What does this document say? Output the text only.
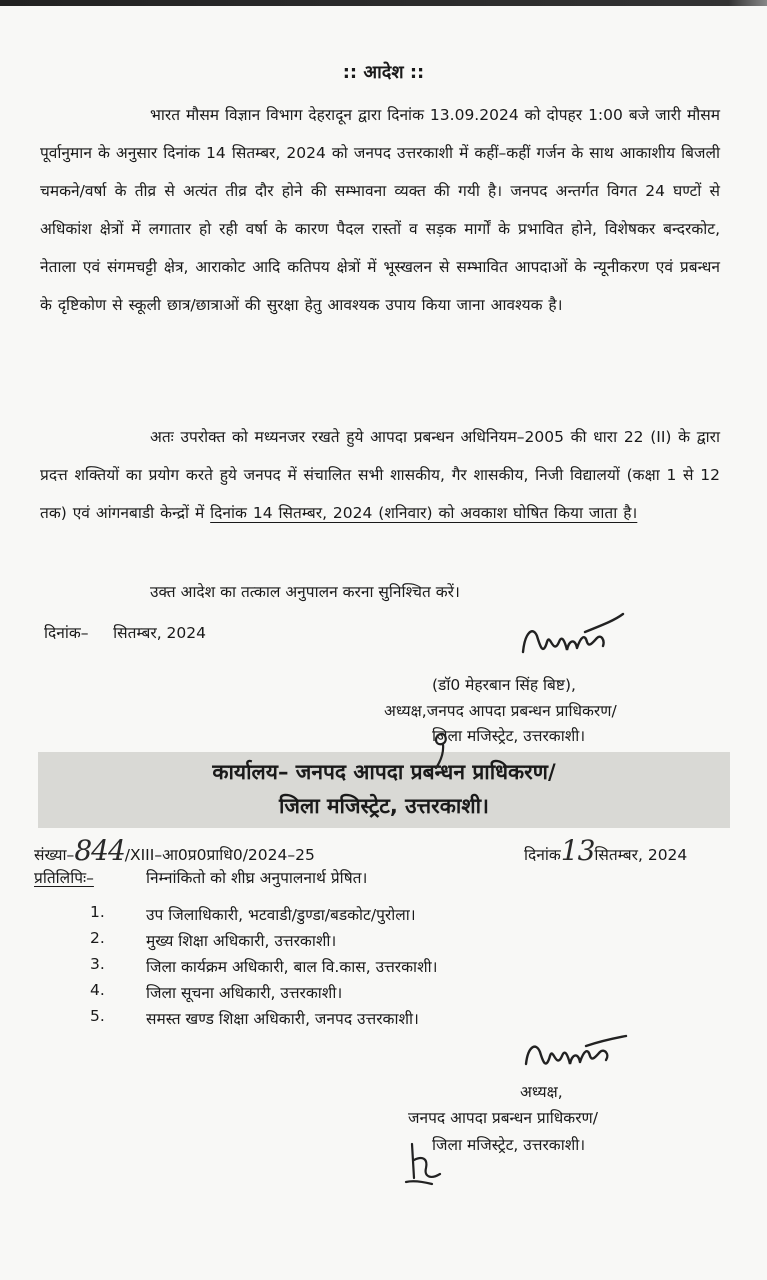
:: आदेश ::
भारत मौसम विज्ञान विभाग देहरादून द्वारा दिनांक 13.09.2024 को दोपहर 1:00 बजे जारी मौसम पूर्वानुमान के अनुसार दिनांक 14 सितम्बर, 2024 को जनपद उत्तरकाशी में कहीं–कहीं गर्जन के साथ आकाशीय बिजली चमकने/वर्षा के तीव्र से अत्यंत तीव्र दौर होने की सम्भावना व्यक्त की गयी है। जनपद अन्तर्गत विगत 24 घण्टों से अधिकांश क्षेत्रों में लगातार हो रही वर्षा के कारण पैदल रास्तों व सड़क मार्गों के प्रभावित होने, विशेषकर बन्दरकोट, नेताला एवं संगमचट्टी क्षेत्र, आराकोट आदि कतिपय क्षेत्रों में भूस्खलन से सम्भावित आपदाओं के न्यूनीकरण एवं प्रबन्धन के दृष्टिकोण से स्कूली छात्र/छात्राओं की सुरक्षा हेतु आवश्यक उपाय किया जाना आवश्यक है।
अतः उपरोक्त को मध्यनजर रखते हुये आपदा प्रबन्धन अधिनियम–2005 की धारा 22 (II) के द्वारा प्रदत्त शक्तियों का प्रयोग करते हुये जनपद में संचालित सभी शासकीय, गैर शासकीय, निजी विद्यालयों (कक्षा 1 से 12 तक) एवं आंगनबाडी केन्द्रों में दिनांक 14 सितम्बर, 2024 (शनिवार) को अवकाश घोषित किया जाता है।
उक्त आदेश का तत्काल अनुपालन करना सुनिश्चित करें।
दिनांक–     सितम्बर, 2024
(डॉ0 मेहरबान सिंह बिष्ट),
अध्यक्ष,जनपद आपदा प्रबन्धन प्राधिकरण/
जिला मजिस्ट्रेट, उत्तरकाशी।
कार्यालय– जनपद आपदा प्रबन्धन प्राधिकरण/
जिला मजिस्ट्रेट, उत्तरकाशी।
संख्या–844/XIII–आ0प्र0प्राधि0/2024–25	दिनांक13सितम्बर, 2024
प्रतिलिपिः–	निम्नांकितो को शीघ्र अनुपालनार्थ प्रेषित।
1.	उप जिलाधिकारी, भटवाडी/डुण्डा/बडकोट/पुरोला।
2.	मुख्य शिक्षा अधिकारी, उत्तरकाशी।
3.	जिला कार्यक्रम अधिकारी, बाल वि.कास, उत्तरकाशी।
4.	जिला सूचना अधिकारी, उत्तरकाशी।
5.	समस्त खण्ड शिक्षा अधिकारी, जनपद उत्तरकाशी।
अध्यक्ष,
जनपद आपदा प्रबन्धन प्राधिकरण/
जिला मजिस्ट्रेट, उत्तरकाशी।
